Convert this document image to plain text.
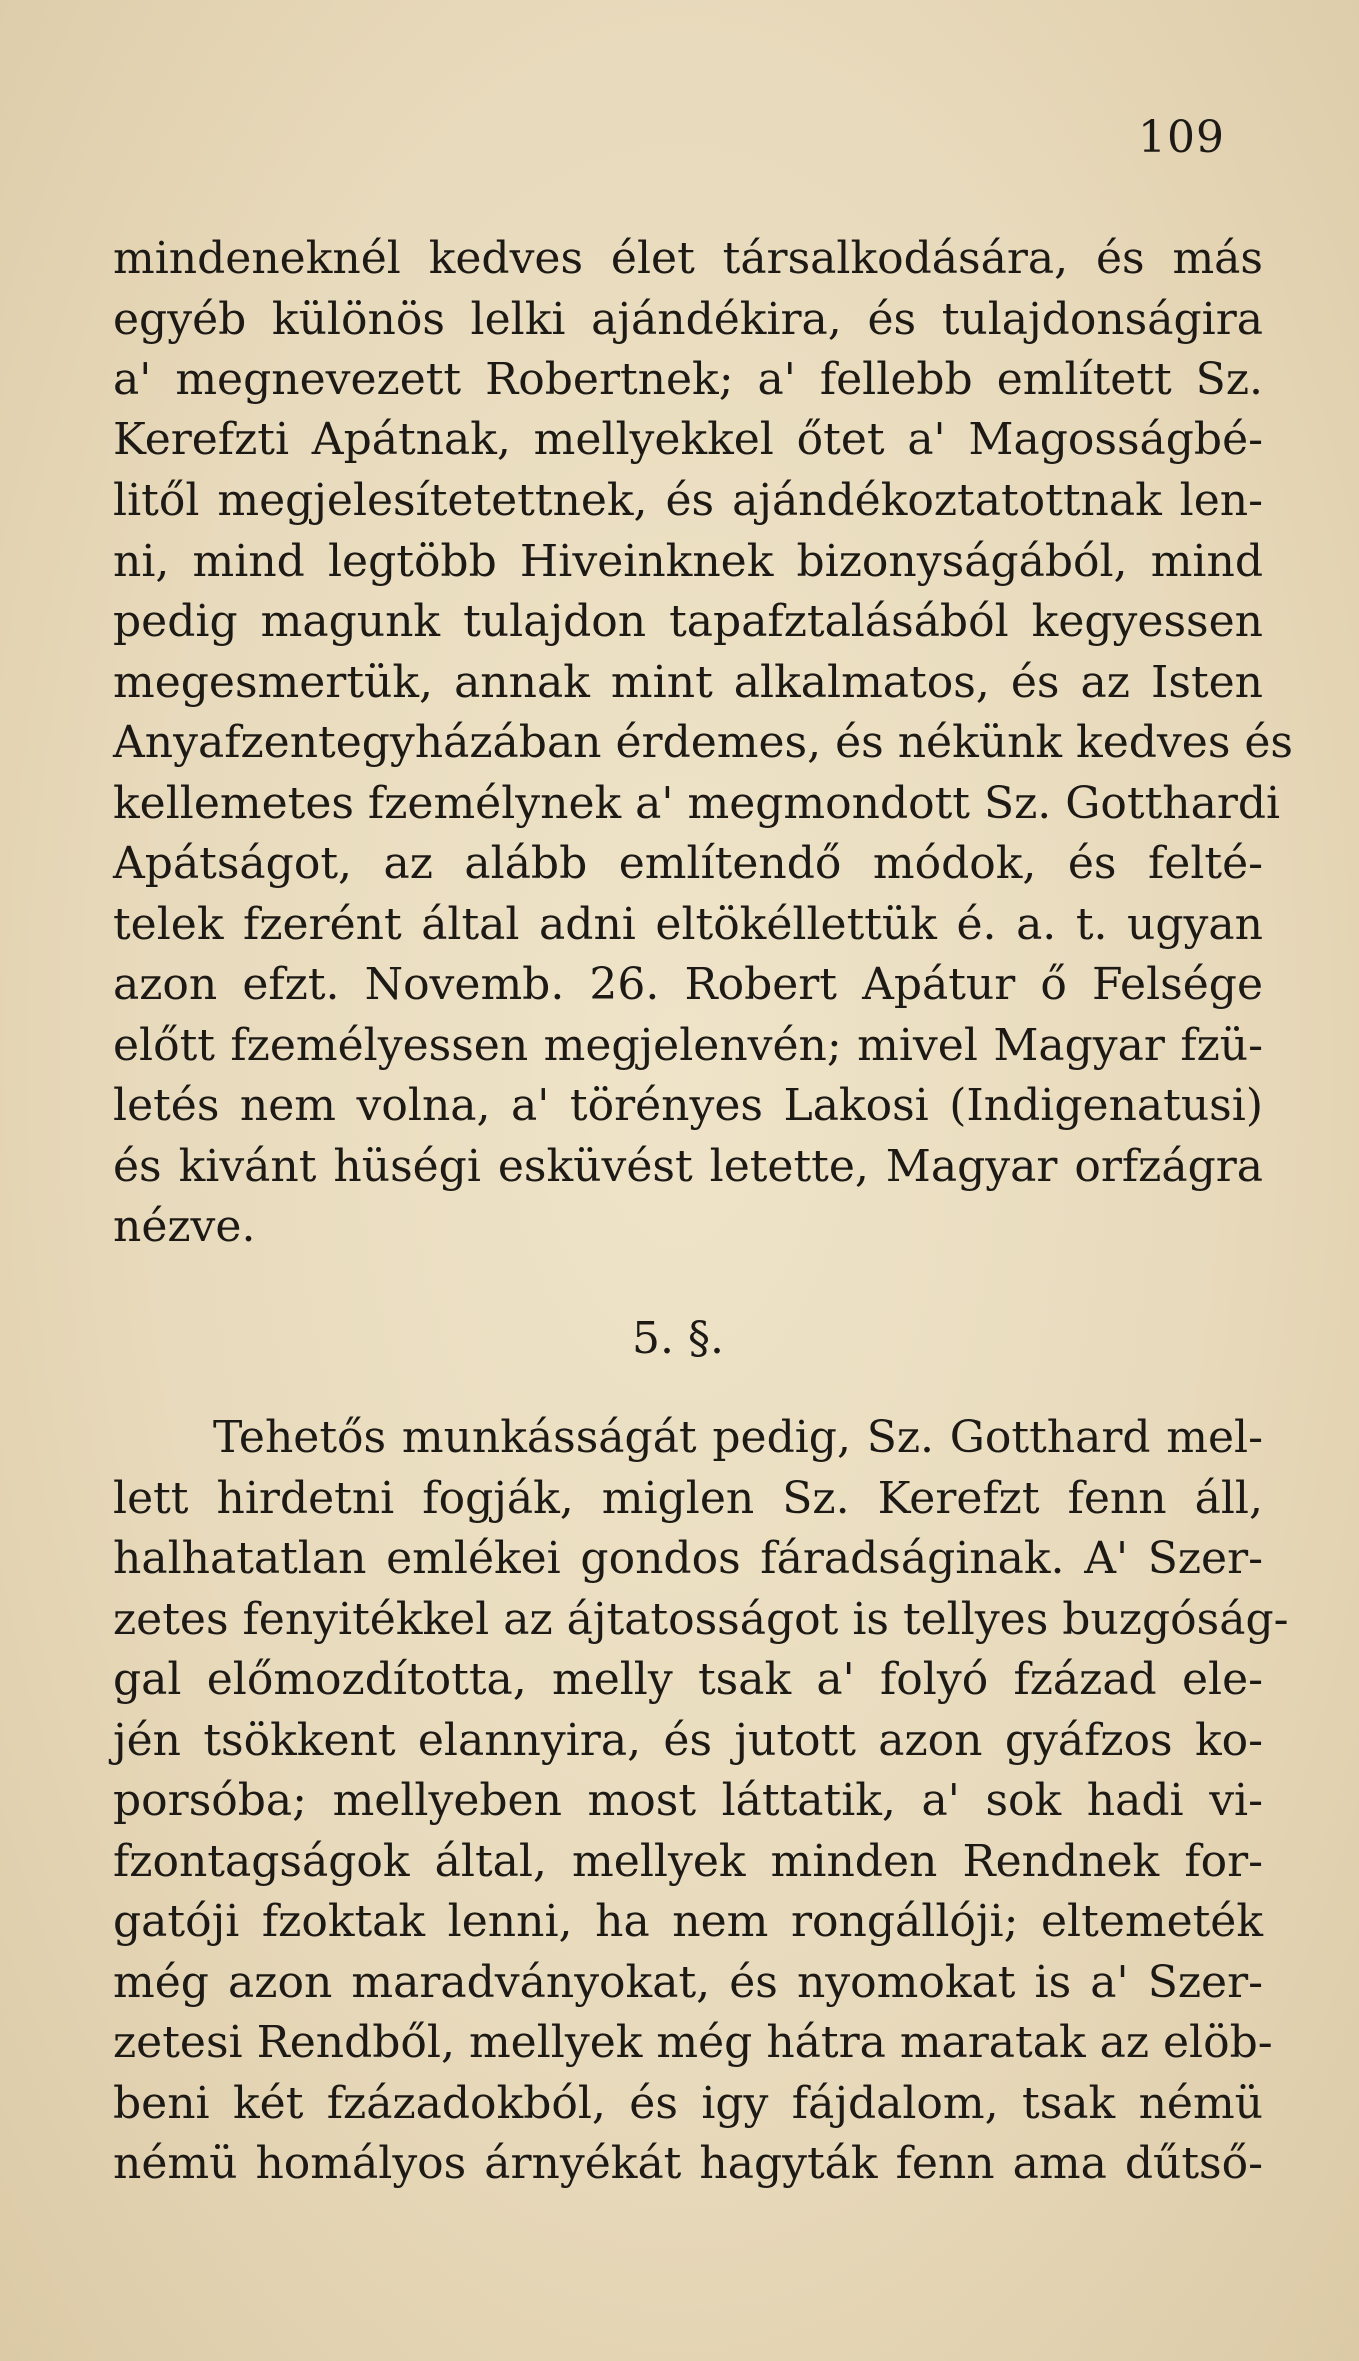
109
mindeneknél kedves élet társalkodására, és más
egyéb különös lelki ajándékira, és tulajdonságira
a' megnevezett Robertnek; a' fellebb említett Sz.
Kerefzti Apátnak, mellyekkel őtet a' Magosságbé-
litől megjelesítetettnek, és ajándékoztatottnak len-
ni, mind legtöbb Hiveinknek bizonyságából, mind
pedig magunk tulajdon tapafztalásából kegyessen
megesmertük, annak mint alkalmatos, és az Isten
Anyafzentegyházában érdemes, és nékünk kedves és
kellemetes fzemélynek a' megmondott Sz. Gotthardi
Apátságot, az alább említendő módok, és felté-
telek fzerént által adni eltökéllettük é. a. t. ugyan
azon efzt. Novemb. 26. Robert Apátur ő Felsége
előtt fzemélyessen megjelenvén; mivel Magyar fzü-
letés nem volna, a' törényes Lakosi (Indigenatusi)
és kivánt hüségi esküvést letette, Magyar orfzágra
nézve.
5. §.
Tehetős munkásságát pedig, Sz. Gotthard mel-
lett hirdetni fogják, miglen Sz. Kerefzt fenn áll,
halhatatlan emlékei gondos fáradságinak. A' Szer-
zetes fenyitékkel az ájtatosságot is tellyes buzgóság-
gal előmozdította, melly tsak a' folyó fzázad ele-
jén tsökkent elannyira, és jutott azon gyáfzos ko-
porsóba; mellyeben most láttatik, a' sok hadi vi-
fzontagságok által, mellyek minden Rendnek for-
gatóji fzoktak lenni, ha nem rongállóji; eltemeték
még azon maradványokat, és nyomokat is a' Szer-
zetesi Rendből, mellyek még hátra maratak az elöb-
beni két fzázadokból, és igy fájdalom, tsak némü
némü homályos árnyékát hagyták fenn ama dűtső-
